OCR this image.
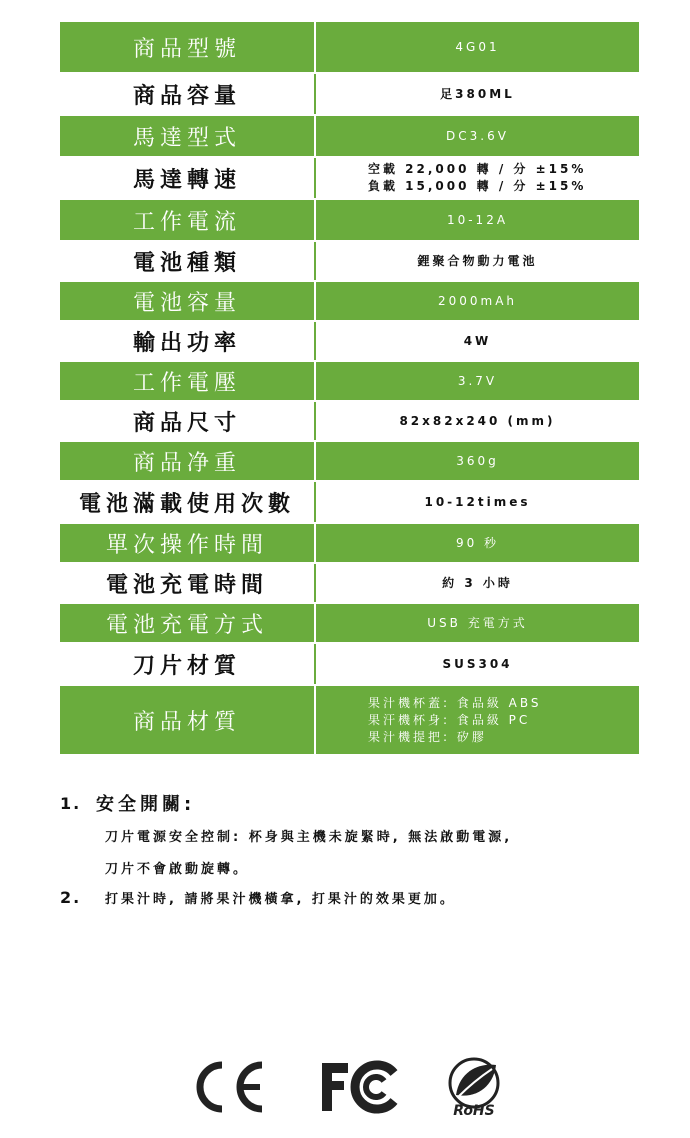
商品型號	4G01
商品容量	足380ML
馬達型式	DC3.6V
馬達轉速	空載 22,000 轉 / 分 ±15%
負載 15,000 轉 / 分 ±15%
工作電流	10-12A
電池種類	鋰聚合物動力電池
電池容量	2000mAh
輸出功率	4W
工作電壓	3.7V
商品尺寸	82x82x240 (mm)
商品净重	360g
電池滿載使用次數	10-12times
單次操作時間	90 秒
電池充電時間	約 3 小時
電池充電方式	USB 充電方式
刀片材質	SUS304
商品材質
果汁機杯蓋: 食品級 ABS
果汗機杯身: 食品級 PC
果汁機提把: 矽膠
1. 安全開關:
刀片電源安全控制: 杯身與主機未旋緊時, 無法啟動電源,
刀片不會啟動旋轉。
2.	打果汁時, 請將果汁機橫拿, 打果汁的效果更加。
RoHS
